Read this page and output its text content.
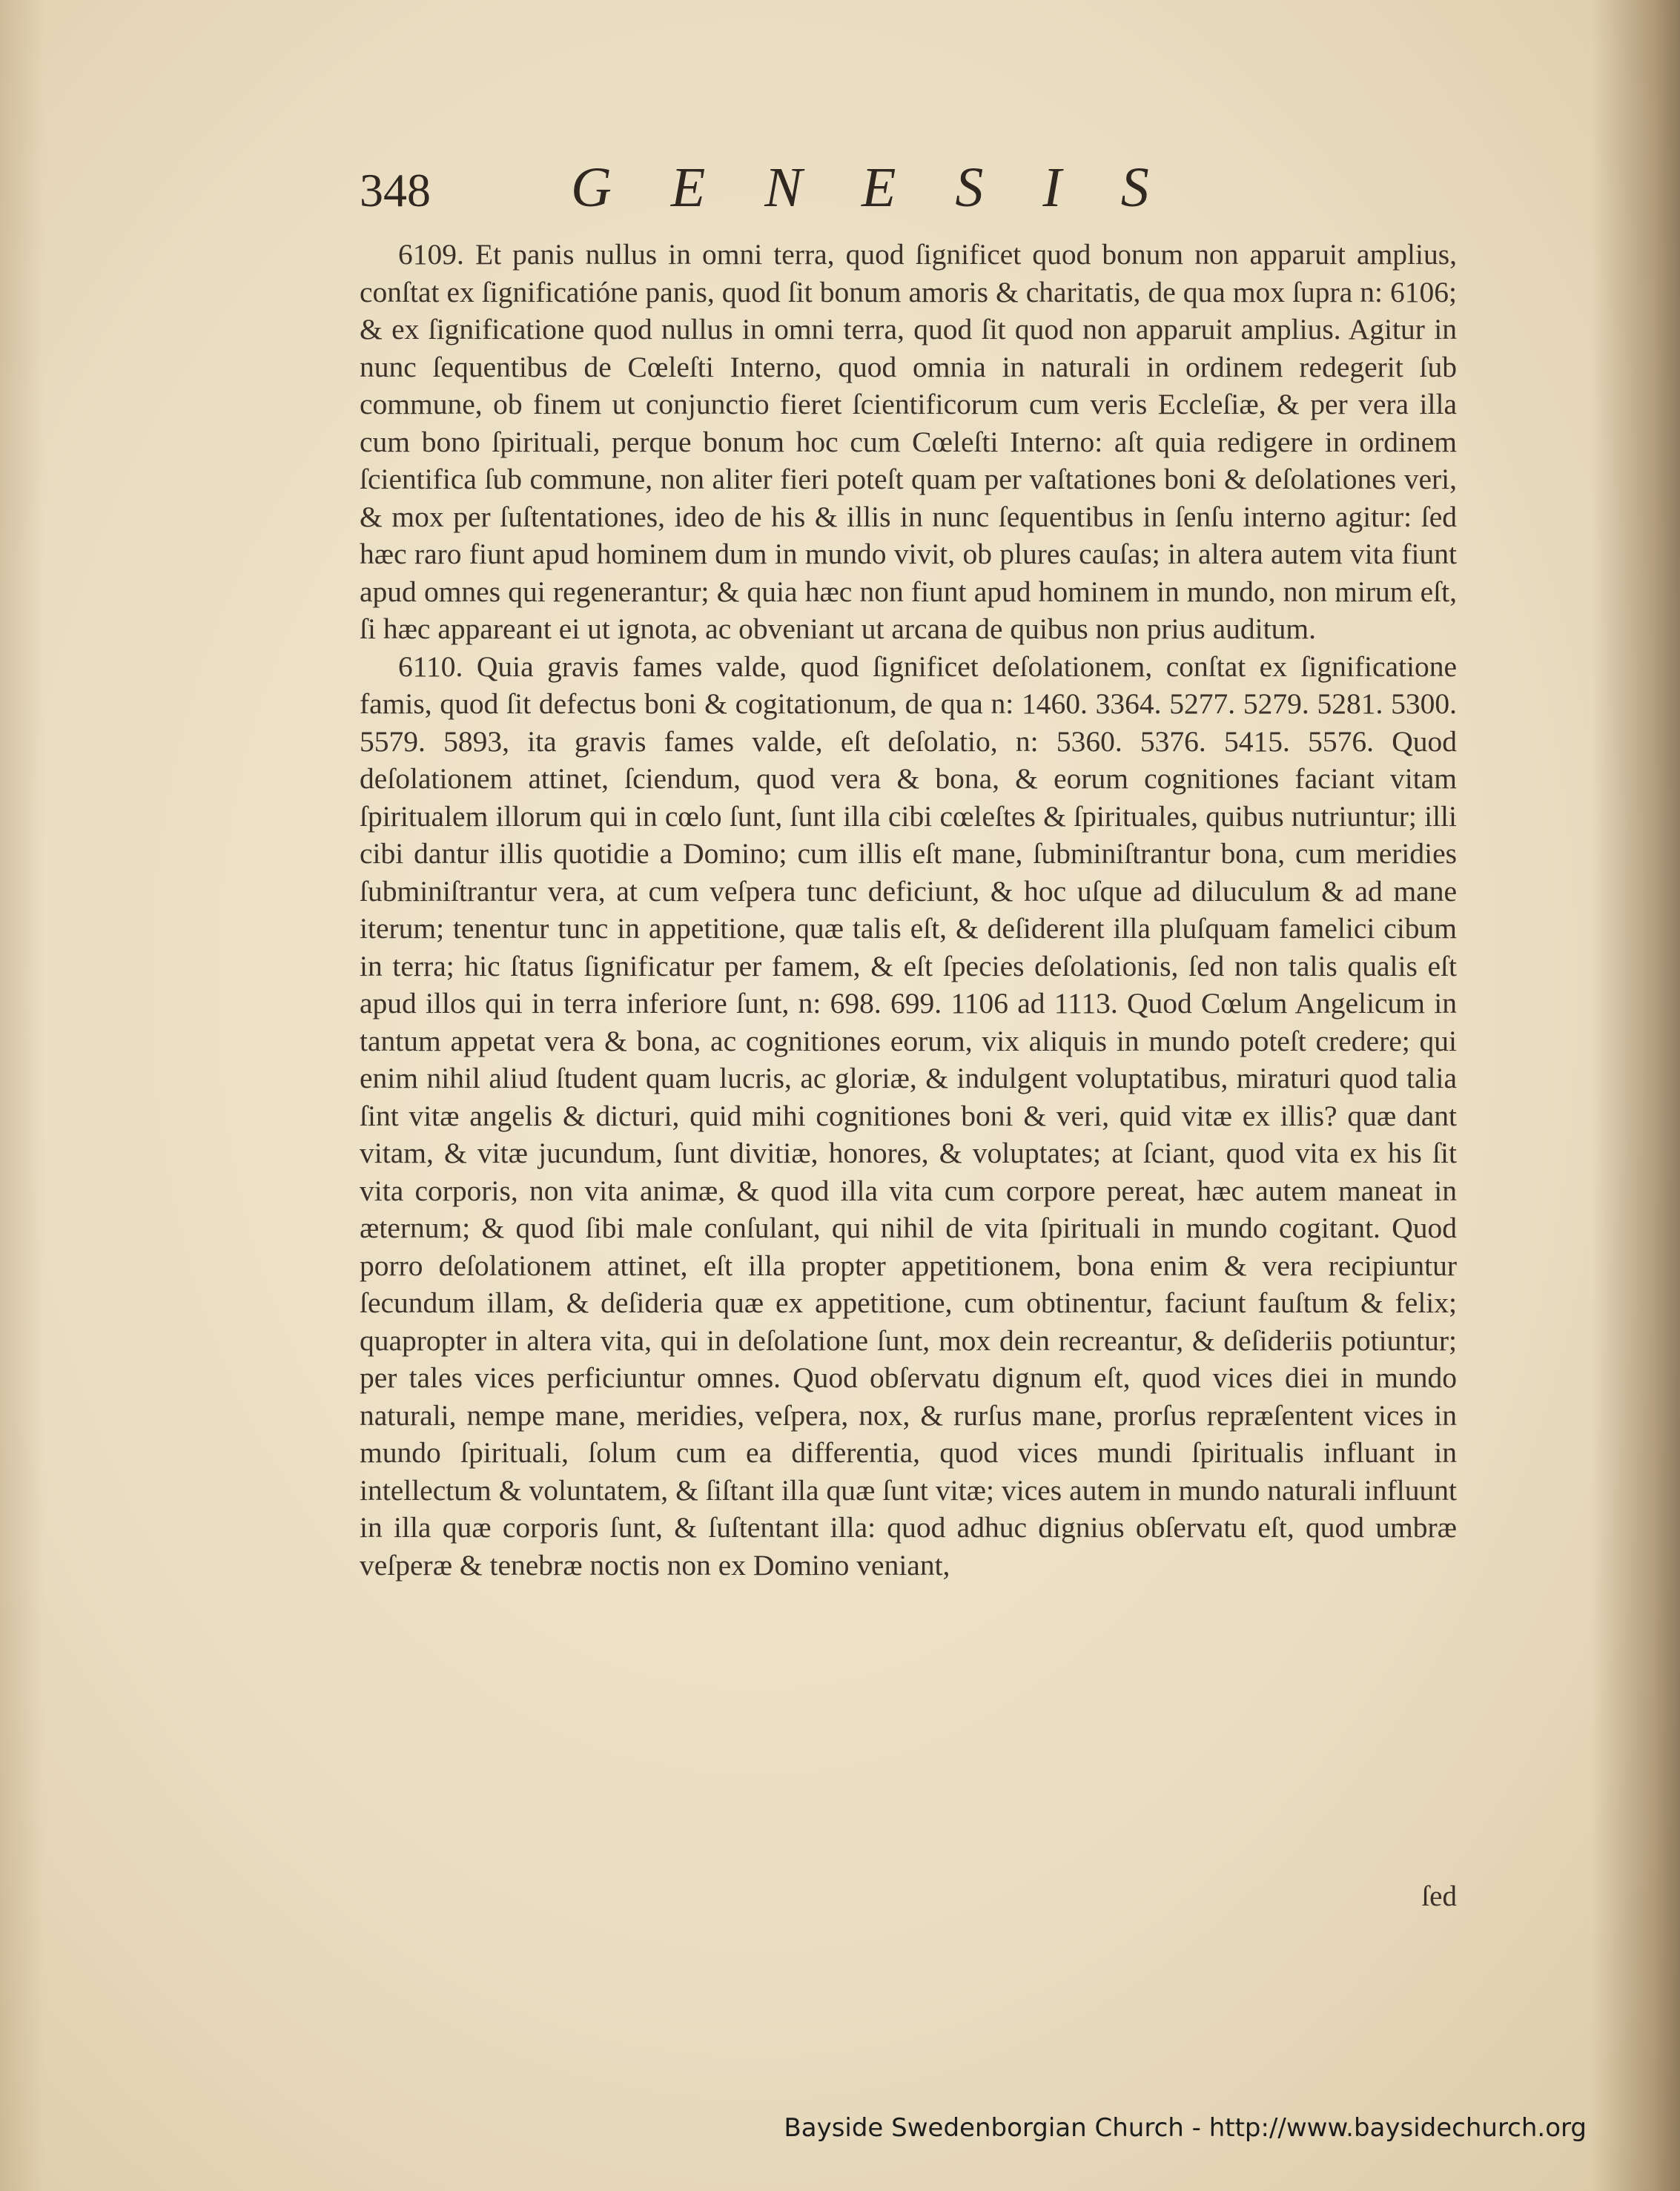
348 GENESIS

6109. Et panis nullus in omni terra, quod ſignificet quod bonum non apparuit amplius, conſtat ex ſignificatióne panis, quod ſit bonum amoris & charitatis, de qua mox ſupra n: 6106; & ex ſignificatione quod nullus in omni terra, quod ſit quod non apparuit amplius. Agitur in nunc ſequentibus de Cœleſti Interno, quod omnia in naturali in ordinem redegerit ſub commune, ob finem ut conjunctio fieret ſcientificorum cum veris Eccleſiæ, & per vera illa cum bono ſpirituali, perque bonum hoc cum Cœleſti Interno: aſt quia redigere in ordinem ſcientifica ſub commune, non aliter fieri poteſt quam per vaſtationes boni & deſolationes veri, & mox per ſuſtentationes, ideo de his & illis in nunc ſequentibus in ſenſu interno agitur: ſed hæc raro fiunt apud hominem dum in mundo vivit, ob plures cauſas; in altera autem vita fiunt apud omnes qui regenerantur; & quia hæc non fiunt apud hominem in mundo, non mirum eſt, ſi hæc appareant ei ut ignota, ac obveniant ut arcana de quibus non prius auditum.

6110. Quia gravis fames valde, quod ſignificet deſolationem, conſtat ex ſignificatione famis, quod ſit defectus boni & cogitationum, de qua n: 1460. 3364. 5277. 5279. 5281. 5300. 5579. 5893, ita gravis fames valde, eſt deſolatio, n: 5360. 5376. 5415. 5576. Quod deſolationem attinet, ſciendum, quod vera & bona, & eorum cognitiones faciant vitam ſpiritualem illorum qui in cœlo ſunt, ſunt illa cibi cœleſtes & ſpirituales, quibus nutriuntur; illi cibi dantur illis quotidie a Domino; cum illis eſt mane, ſubminiſtrantur bona, cum meridies ſubminiſtrantur vera, at cum veſpera tunc deficiunt, & hoc uſque ad diluculum & ad mane iterum; tenentur tunc in appetitione, quæ talis eſt, & deſiderent illa pluſquam famelici cibum in terra; hic ſtatus ſignificatur per famem, & eſt ſpecies deſolationis, ſed non talis qualis eſt apud illos qui in terra inferiore ſunt, n: 698. 699. 1106 ad 1113. Quod Cœlum Angelicum in tantum appetat vera & bona, ac cognitiones eorum, vix aliquis in mundo poteſt credere; qui enim nihil aliud ſtudent quam lucris, ac gloriæ, & indulgent voluptatibus, miraturi quod talia ſint vitæ angelis & dicturi, quid mihi cognitiones boni & veri, quid vitæ ex illis? quæ dant vitam, & vitæ jucundum, ſunt divitiæ, honores, & voluptates; at ſciant, quod vita ex his ſit vita corporis, non vita animæ, & quod illa vita cum corpore pereat, hæc autem maneat in æternum; & quod ſibi male conſulant, qui nihil de vita ſpirituali in mundo cogitant. Quod porro deſolationem attinet, eſt illa propter appetitionem, bona enim & vera recipiuntur ſecundum illam, & deſideria quæ ex appetitione, cum obtinentur, faciunt fauſtum & felix; quapropter in altera vita, qui in deſolatione ſunt, mox dein recreantur, & deſideriis potiuntur; per tales vices perficiuntur omnes. Quod obſervatu dignum eſt, quod vices diei in mundo naturali, nempe mane, meridies, veſpera, nox, & rurſus mane, prorſus repræſentent vices in mundo ſpirituali, ſolum cum ea differentia, quod vices mundi ſpiritualis influant in intellectum & voluntatem, & ſiſtant illa quæ ſunt vitæ; vices autem in mundo naturali influunt in illa quæ corporis ſunt, & ſuſtentant illa: quod adhuc dignius obſervatu eſt, quod umbræ veſperæ & tenebræ noctis non ex Domino veniant,

ſed
Bayside Swedenborgian Church - http://www.baysidechurch.org
